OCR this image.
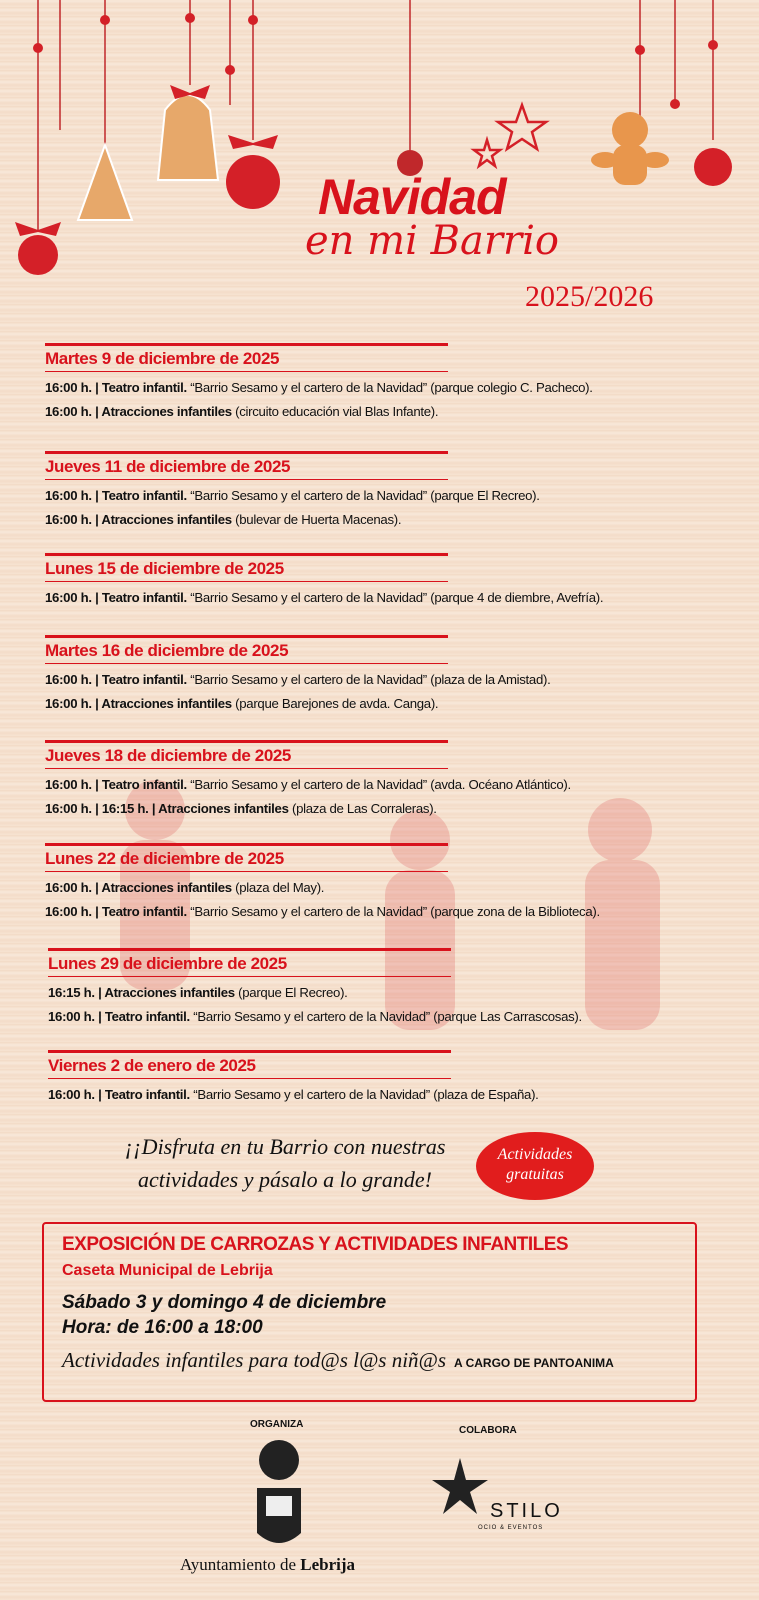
Navidad
en mi Barrio
2025/2026
Martes 9 de diciembre de 2025
16:00 h. | Teatro infantil. “Barrio Sesamo y el cartero de la Navidad” (parque colegio C. Pacheco).
16:00 h. | Atracciones infantiles (circuito educación vial Blas Infante).
Jueves 11 de diciembre de 2025
16:00 h. | Teatro infantil. “Barrio Sesamo y el cartero de la Navidad” (parque El Recreo).
16:00 h. | Atracciones infantiles (bulevar de Huerta Macenas).
Lunes 15 de diciembre de 2025
16:00 h. | Teatro infantil. “Barrio Sesamo y el cartero de la Navidad” (parque 4 de diembre, Avefría).
Martes 16 de diciembre de 2025
16:00 h. | Teatro infantil. “Barrio Sesamo y el cartero de la Navidad” (plaza de la Amistad).
16:00 h. | Atracciones infantiles (parque Barejones de avda. Canga).
Jueves 18 de diciembre de 2025
16:00 h. | Teatro infantil. “Barrio Sesamo y el cartero de la Navidad” (avda. Océano Atlántico).
16:00 h. | 16:15 h. | Atracciones infantiles (plaza de Las Corraleras).
Lunes 22 de diciembre de 2025
16:00 h. | Atracciones infantiles (plaza del May).
16:00 h. | Teatro infantil. “Barrio Sesamo y el cartero de la Navidad” (parque zona de la Biblioteca).
Lunes 29 de diciembre de 2025
16:15 h. | Atracciones infantiles (parque El Recreo).
16:00 h. | Teatro infantil. “Barrio Sesamo y el cartero de la Navidad” (parque Las Carrascosas).
Viernes 2 de enero de 2025
16:00 h. | Teatro infantil. “Barrio Sesamo y el cartero de la Navidad” (plaza de España).
¡¡Disfruta en tu Barrio con nuestras
actividades y pásalo a lo grande!
Actividades
gratuitas
EXPOSICIÓN DE CARROZAS Y ACTIVIDADES INFANTILES
Caseta Municipal de Lebrija
Sábado 3 y domingo 4 de diciembre
Hora: de 16:00 a 18:00
Actividades infantiles para tod@s l@s niñ@s A CARGO DE PANTOANIMA
ORGANIZA
COLABORA
Ayuntamiento de Lebrija
STILO
OCIO & EVENTOS
